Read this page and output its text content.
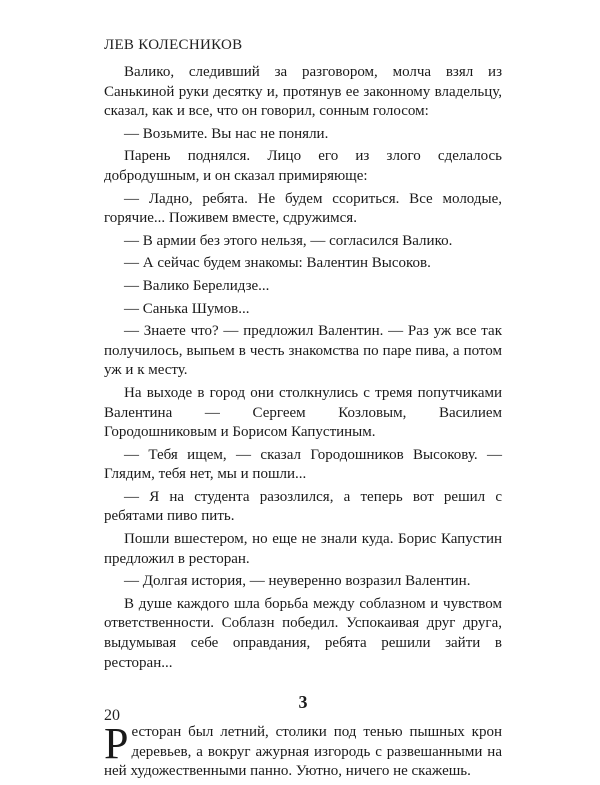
ЛЕВ КОЛЕСНИКОВ

Валико, следивший за разговором, молча взял из Санькиной руки десятку и, протянув ее законному владельцу, сказал, как и все, что он говорил, сонным голосом:

— Возьмите. Вы нас не поняли.

Парень поднялся. Лицо его из злого сделалось добродушным, и он сказал примиряюще:

— Ладно, ребята. Не будем ссориться. Все молодые, горячие... Поживем вместе, сдружимся.

— В армии без этого нельзя, — согласился Валико.

— А сейчас будем знакомы: Валентин Высоков.

— Валико Берелидзе...

— Санька Шумов...

— Знаете что? — предложил Валентин. — Раз уж все так получилось, выпьем в честь знакомства по паре пива, а потом уж и к месту.

На выходе в город они столкнулись с тремя попутчиками Валентина — Сергеем Козловым, Василием Городошниковым и Борисом Капустиным.

— Тебя ищем, — сказал Городошников Высокову. — Глядим, тебя нет, мы и пошли...

— Я на студента разозлился, а теперь вот решил с ребятами пиво пить.

Пошли вшестером, но еще не знали куда. Борис Капустин предложил в ресторан.

— Долгая история, — неуверенно возразил Валентин.

В душе каждого шла борьба между соблазном и чувством ответственности. Соблазн победил. Успокаивая друг друга, выдумывая себе оправдания, ребята решили зайти в ресторан...

3

Ресторан был летний, столики под тенью пышных крон деревьев, а вокруг ажурная изгородь с развешанными на ней художественными панно. Уютно, ничего не скажешь.

20
